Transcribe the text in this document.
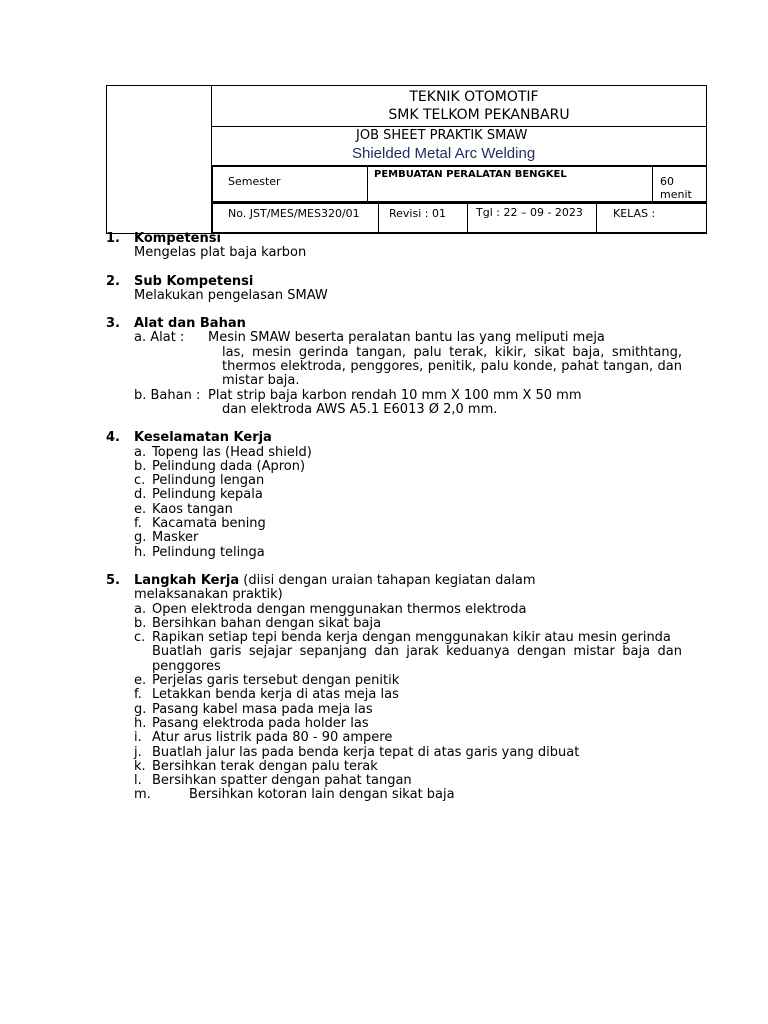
TEKNIK OTOMOTIF
SMK TELKOM PEKANBARU

JOB SHEET PRAKTIK SMAW
Shielded Metal Arc Welding

Semester	PEMBUATAN PERALATAN BENGKEL	60 menit

No. JST/MES/MES320/01	Revisi : 01	Tgl : 22 – 09 - 2023	KELAS :
1.	Kompetensi
Mengelas plat baja karbon
2.	Sub Kompetensi
Melakukan pengelasan SMAW
3.	Alat dan Bahan
a. Alat :	Mesin SMAW beserta peralatan bantu las yang meliputi meja
las, mesin gerinda tangan, palu terak, kikir, sikat baja, smithtang, thermos elektroda, penggores, penitik, palu konde, pahat tangan, dan mistar baja.
b. Bahan : Plat strip baja karbon rendah 10 mm X 100 mm X 50 mm
dan elektroda AWS A5.1 E6013 Ø 2,0 mm.
4.	Keselamatan Kerja
a. Topeng las (Head shield)
b. Pelindung dada (Apron)
c. Pelindung lengan
d. Pelindung kepala
e. Kaos tangan
f. Kacamata bening
g. Masker
h. Pelindung telinga
5.	Langkah Kerja (diisi dengan uraian tahapan kegiatan dalam
melaksanakan praktik)
a. Open elektroda dengan menggunakan thermos elektroda
b. Bersihkan bahan dengan sikat baja
c. Rapikan setiap tepi benda kerja dengan menggunakan kikir atau mesin gerinda
Buatlah garis sejajar sepanjang dan jarak keduanya dengan mistar baja dan penggores
e. Perjelas garis tersebut dengan penitik
f. Letakkan benda kerja di atas meja las
g. Pasang kabel masa pada meja las
h. Pasang elektroda pada holder las
i. Atur arus listrik pada 80 - 90 ampere
j. Buatlah jalur las pada benda kerja tepat di atas garis yang dibuat
k. Bersihkan terak dengan palu terak
l. Bersihkan spatter dengan pahat tangan
m.	Bersihkan kotoran lain dengan sikat baja
